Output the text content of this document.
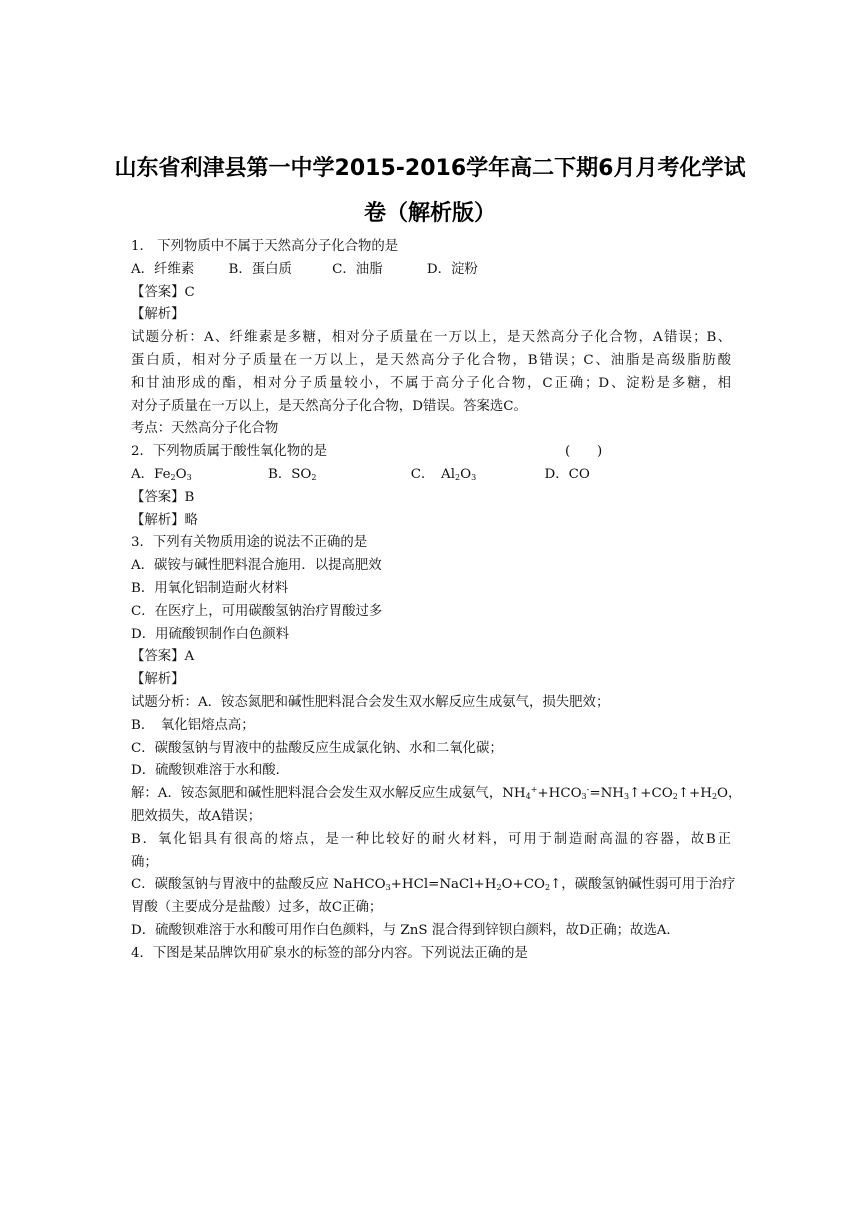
山东省利津县第一中学2015-2016学年高二下期6月月考化学试
卷（解析版）
1． 下列物质中不属于天然高分子化合物的是
A．纤维素	B．蛋白质	C．油脂	D．淀粉
【答案】C
【解析】
试题分析：A、纤维素是多糖，相对分子质量在一万以上，是天然高分子化合物，A错误；B、
蛋白质，相对分子质量在一万以上，是天然高分子化合物，B错误；C、油脂是高级脂肪酸
和甘油形成的酯，相对分子质量较小，不属于高分子化合物，C正确；D、淀粉是多糖，相
对分子质量在一万以上，是天然高分子化合物，D错误。答案选C。
考点：天然高分子化合物
2．下列物质属于酸性氧化物的是	(　　)
A．$Fe_2O_3$	B．$SO_2$	C．　$Al_2O_3$	D．CO
【答案】B
【解析】略
3．下列有关物质用途的说法不正确的是
A．碳铵与碱性肥料混合施用．以提高肥效
B．用氧化铝制造耐火材料
C．在医疗上，可用碳酸氢钠治疗胃酸过多
D．用硫酸钡制作白色颜料
【答案】A
【解析】
试题分析：A．铵态氮肥和碱性肥料混合会发生双水解反应生成氨气，损失肥效；
B．　氧化铝熔点高；
C．碳酸氢钠与胃液中的盐酸反应生成氯化钠、水和二氧化碳；
D．硫酸钡难溶于水和酸．
解：A．铵态氮肥和碱性肥料混合会发生双水解反应生成氨气，$NH_4^++HCO_3^-=NH_3↑+CO_2↑+H_2O$，
肥效损失，故A错误；
B．氧化铝具有很高的熔点，是一种比较好的耐火材料，可用于制造耐高温的容器，故B正
确；
C．碳酸氢钠与胃液中的盐酸反应 $NaHCO_3+HCl=NaCl+H_2O+CO_2↑$，碳酸氢钠碱性弱可用于治疗
胃酸（主要成分是盐酸）过多，故C正确；
D．硫酸钡难溶于水和酸可用作白色颜料，与 ZnS 混合得到锌钡白颜料，故D正确；故选A．
4．下图是某品牌饮用矿泉水的标签的部分内容。下列说法正确的是
